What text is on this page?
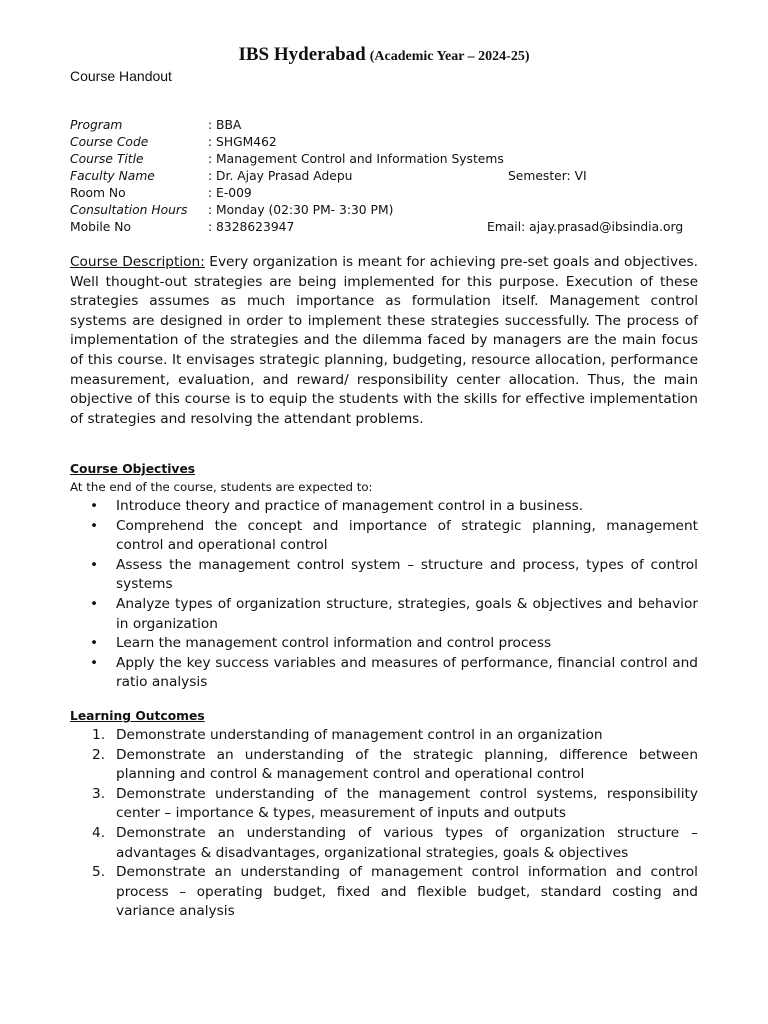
IBS Hyderabad (Academic Year – 2024-25)
Course Handout
Program	: BBA
Course Code	: SHGM462
Course Title	: Management Control and Information Systems
Faculty Name	: Dr. Ajay Prasad Adepu	Semester: VI
Room No	: E-009
Consultation Hours : Monday (02:30 PM- 3:30 PM)
Mobile No	: 8328623947	Email: ajay.prasad@ibsindia.org
Course Description: Every organization is meant for achieving pre-set goals and objectives. Well thought-out strategies are being implemented for this purpose. Execution of these strategies assumes as much importance as formulation itself. Management control systems are designed in order to implement these strategies successfully. The process of implementation of the strategies and the dilemma faced by managers are the main focus of this course. It envisages strategic planning, budgeting, resource allocation, performance measurement, evaluation, and reward/ responsibility center allocation. Thus, the main objective of this course is to equip the students with the skills for effective implementation of strategies and resolving the attendant problems.
Course Objectives
At the end of the course, students are expected to:
• Introduce theory and practice of management control in a business.
• Comprehend the concept and importance of strategic planning, management control and operational control
• Assess the management control system – structure and process, types of control systems
• Analyze types of organization structure, strategies, goals & objectives and behavior in organization
• Learn the management control information and control process
• Apply the key success variables and measures of performance, financial control and ratio analysis
Learning Outcomes
1. Demonstrate understanding of management control in an organization
2. Demonstrate an understanding of the strategic planning, difference between planning and control & management control and operational control
3. Demonstrate understanding of the management control systems, responsibility center – importance & types, measurement of inputs and outputs
4. Demonstrate an understanding of various types of organization structure – advantages & disadvantages, organizational strategies, goals & objectives
5. Demonstrate an understanding of management control information and control process – operating budget, fixed and flexible budget, standard costing and variance analysis
